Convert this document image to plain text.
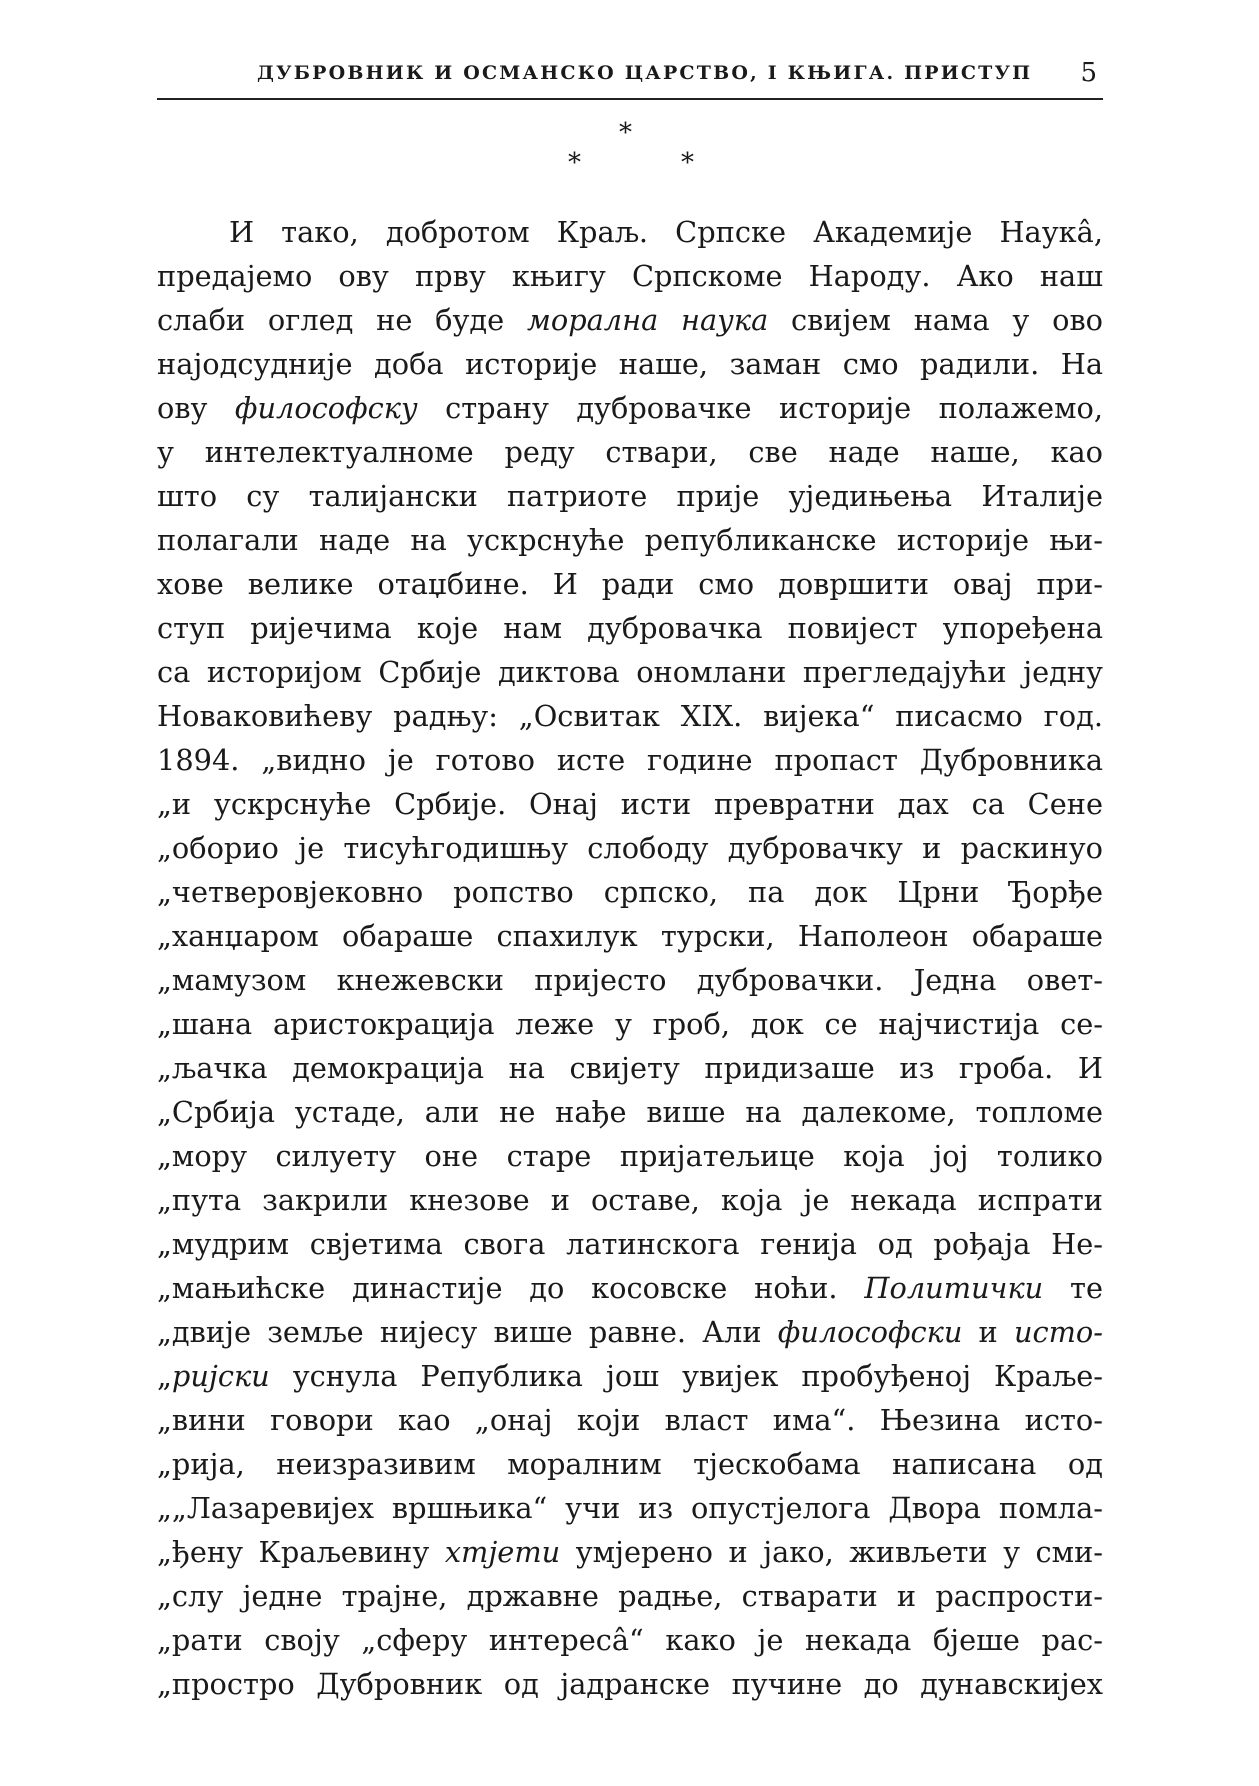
ДУБРОВНИК И ОСМАНСКО ЦАРСТВО, I КЊИГА. ПРИСТУП 5
*
*	*
И тако, добротом Краљ. Српске Академије Наукâ,
предајемо ову прву књигу Српскоме Народу. Ако наш
слаби оглед не буде морална наука свијем нама у ово
најодсудније доба историје наше, заман смо радили. На
ову философску страну дубровачке историје полажемо,
у интелектуалноме реду ствари, све наде наше, као
што су талијански патриоте прије уједињења Италије
полагали наде на ускрснуће републиканске историје њи-
хове велике отаџбине. И ради смо довршити овај при-
ступ ријечима које нам дубровачка повијест упоређена
са историјом Србије диктова ономлани прегледајући једну
Новаковићеву радњу: „Освитак XIX. вијека“ писасмо год.
1894. „видно је готово исте године пропаст Дубровника
„и ускрснуће Србије. Онај исти превратни дах са Сене
„оборио је тисућгодишњу слободу дубровачку и раскинуо
„четверовјековно ропство српско, па док Црни Ђорђе
„ханџаром обараше спахилук турски, Наполеон обараше
„мамузом кнежевски пријесто дубровачки. Једна овет-
„шана аристокрација леже у гроб, док се најчистија се-
„љачка демокрација на свијету придизаше из гроба. И
„Србија устаде, али не нађе више на далекоме, топломе
„мору силуету оне старе пријатељице која јој толико
„пута закрили кнезове и оставе, која је некада испрати
„мудрим свјетима свога латинскога генија од рођаја Не-
„мањићске династије до косовске ноћи. Политички те
„двије земље нијесу више равне. Али философски и исто-
„ријски уснула Република још увијек пробуђеној Краље-
„вини говори као „онај који власт има“. Њезина исто-
„рија, неизразивим моралним тјескобама написана од
„„Лазаревијех вршњика“ учи из опустјелога Двора помла-
„ђену Краљевину хтјети умјерено и јако, живљети у сми-
„слу једне трајне, државне радње, стварати и распрости-
„рати своју „сферу интересâ“ како је некада бјеше рас-
„простро Дубровник од јадранске пучине до дунавскијех
